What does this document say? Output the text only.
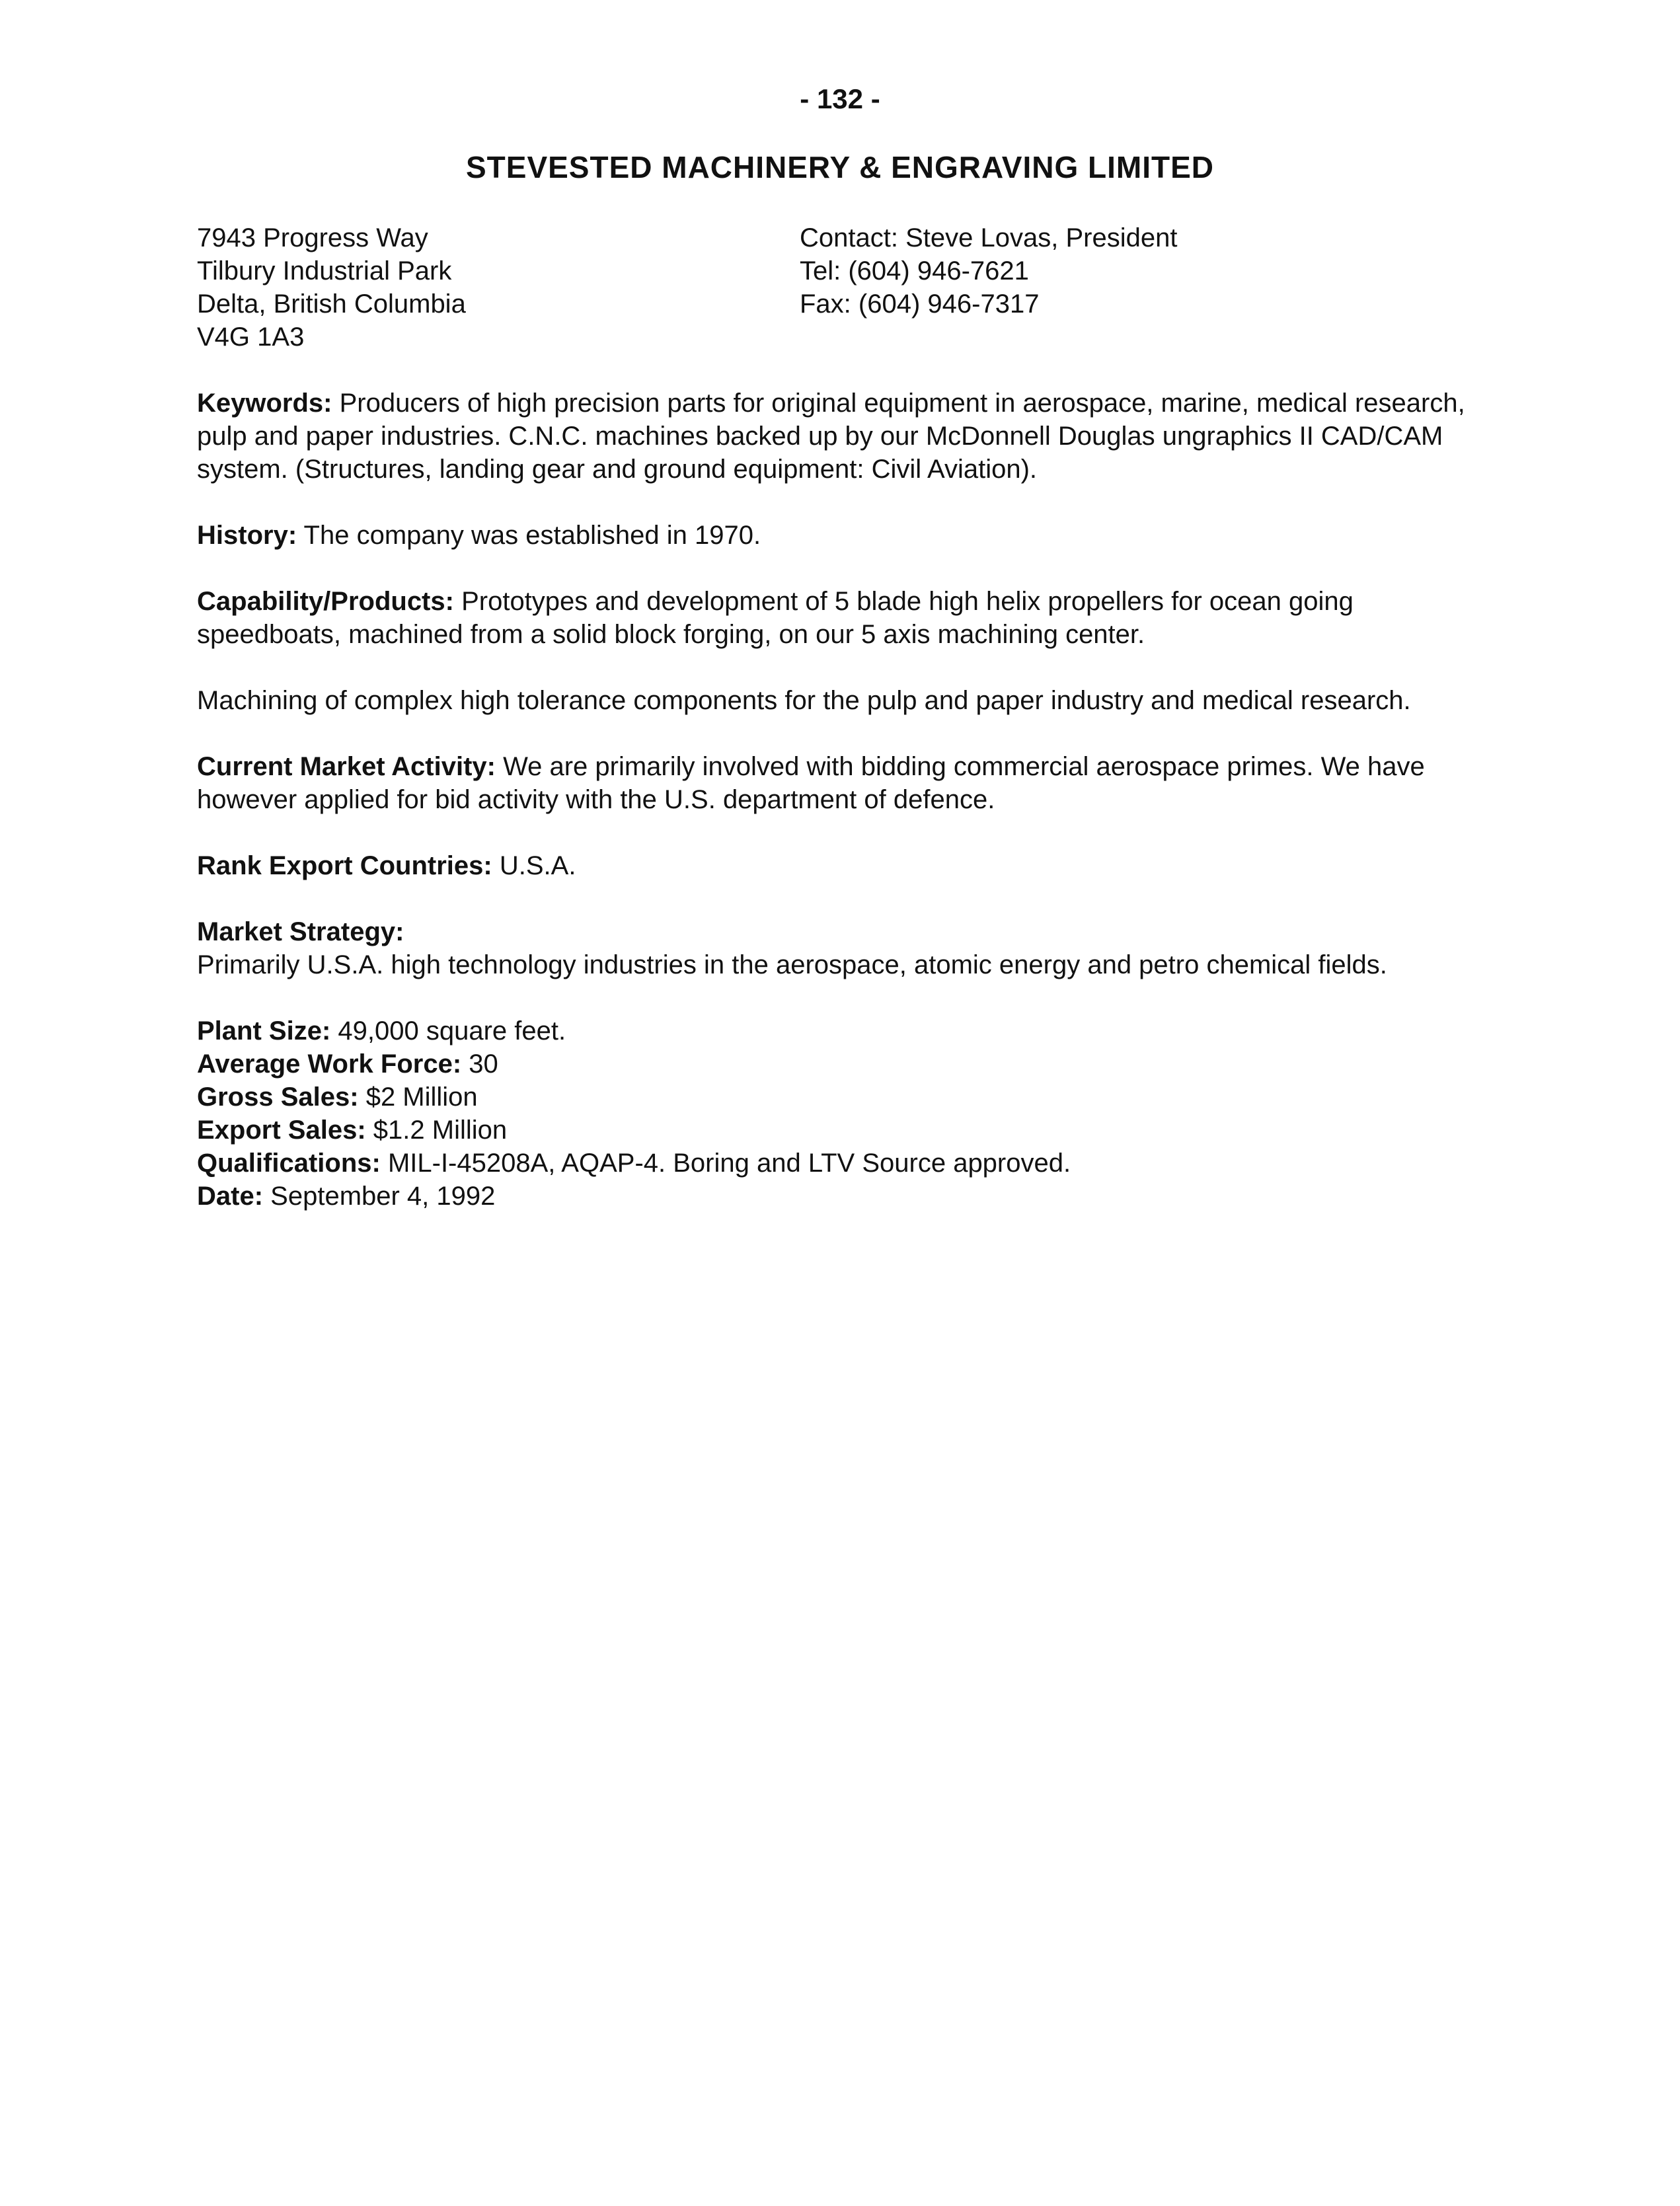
- 132 -
STEVESTED MACHINERY & ENGRAVING LIMITED
7943 Progress Way
Tilbury Industrial Park
Delta, British Columbia
V4G 1A3
Contact: Steve Lovas, President
Tel: (604) 946-7621
Fax: (604) 946-7317

Keywords: Producers of high precision parts for original equipment in aerospace, marine, medical research, pulp and paper industries. C.N.C. machines backed up by our McDonnell Douglas ungraphics II CAD/CAM system. (Structures, landing gear and ground equipment: Civil Aviation).

History: The company was established in 1970.

Capability/Products: Prototypes and development of 5 blade high helix propellers for ocean going speedboats, machined from a solid block forging, on our 5 axis machining center.

Machining of complex high tolerance components for the pulp and paper industry and medical research.

Current Market Activity: We are primarily involved with bidding commercial aerospace primes. We have however applied for bid activity with the U.S. department of defence.

Rank Export Countries: U.S.A.

Market Strategy:
Primarily U.S.A. high technology industries in the aerospace, atomic energy and petro chemical fields.

Plant Size: 49,000 square feet.
Average Work Force: 30
Gross Sales: $2 Million
Export Sales: $1.2 Million
Qualifications: MIL-I-45208A, AQAP-4. Boring and LTV Source approved.
Date: September 4, 1992
